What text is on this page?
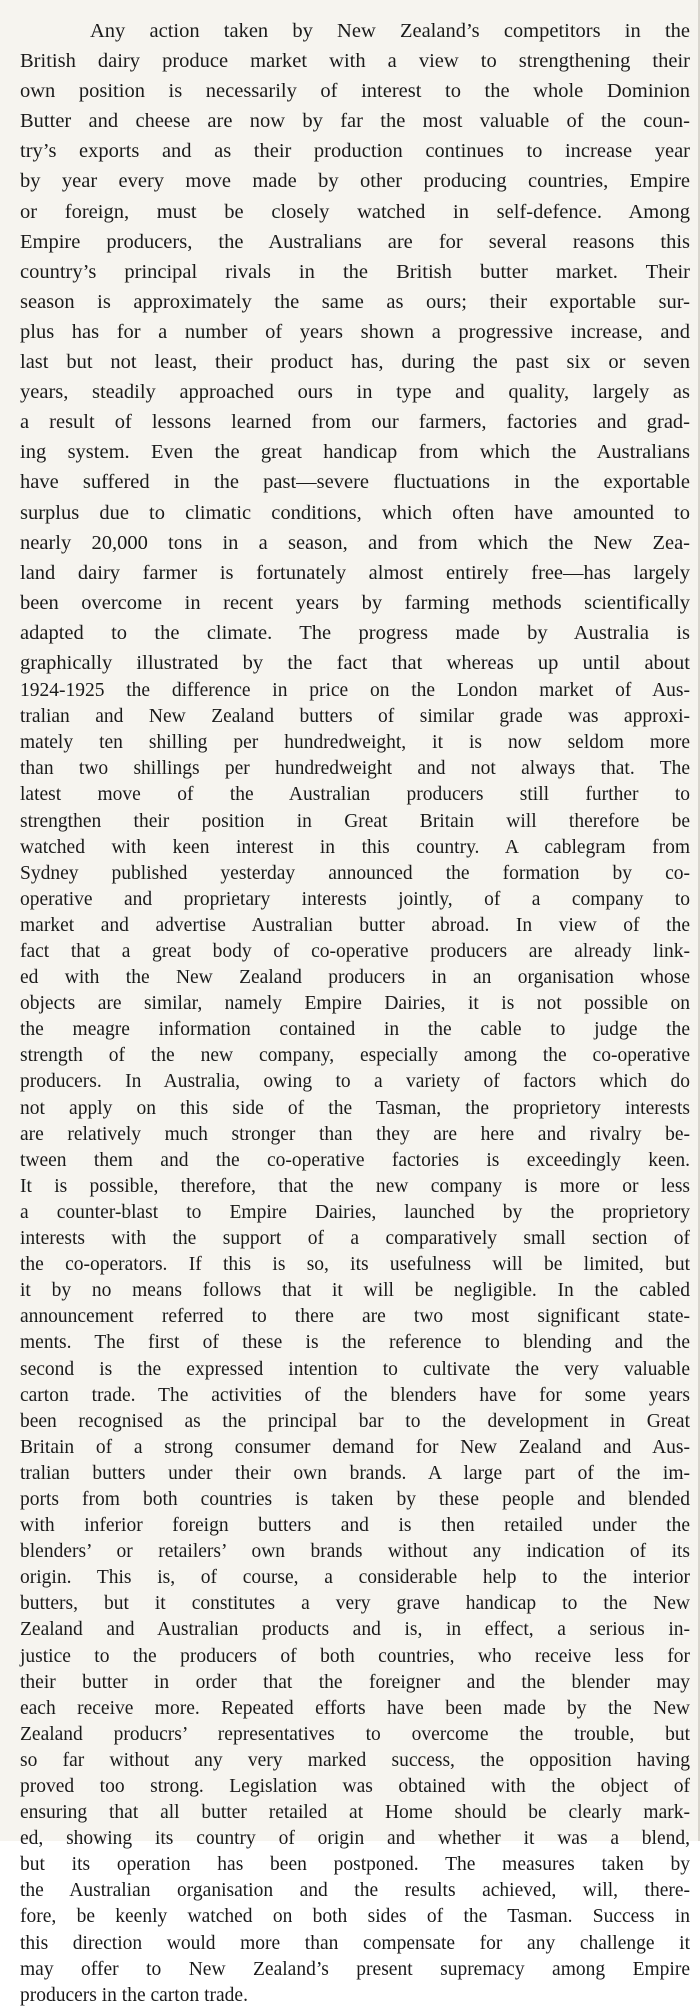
Any action taken by New Zealand’s competitors in the
British dairy produce market with a view to strengthening their
own position is necessarily of interest to the whole Dominion
Butter and cheese are now by far the most valuable of the coun-
try’s exports and as their production continues to increase year
by year every move made by other producing countries, Empire
or foreign, must be closely watched in self-defence. Among
Empire producers, the Australians are for several reasons this
country’s principal rivals in the British butter market. Their
season is approximately the same as ours; their exportable sur-
plus has for a number of years shown a progressive increase, and
last but not least, their product has, during the past six or seven
years, steadily approached ours in type and quality, largely as
a result of lessons learned from our farmers, factories and grad-
ing system. Even the great handicap from which the Australians
have suffered in the past—severe fluctuations in the exportable
surplus due to climatic conditions, which often have amounted to
nearly 20,000 tons in a season, and from which the New Zea-
land dairy farmer is fortunately almost entirely free—has largely
been overcome in recent years by farming methods scientifically
adapted to the climate. The progress made by Australia is
graphically illustrated by the fact that whereas up until about

1924-1925 the difference in price on the London market of Aus-
tralian and New Zealand butters of similar grade was approxi-
mately ten shilling per hundredweight, it is now seldom more
than two shillings per hundredweight and not always that. The
latest move of the Australian producers still further to
strengthen their position in Great Britain will therefore be
watched with keen interest in this country. A cablegram from
Sydney published yesterday announced the formation by co-
operative and proprietary interests jointly, of a company to
market and advertise Australian butter abroad. In view of the
fact that a great body of co-operative producers are already link-
ed with the New Zealand producers in an organisation whose
objects are similar, namely Empire Dairies, it is not possible on
the meagre information contained in the cable to judge the
strength of the new company, especially among the co-operative
producers. In Australia, owing to a variety of factors which do
not apply on this side of the Tasman, the proprietory interests
are relatively much stronger than they are here and rivalry be-
tween them and the co-operative factories is exceedingly keen.
It is possible, therefore, that the new company is more or less
a counter-blast to Empire Dairies, launched by the proprietory
interests with the support of a comparatively small section of
the co-operators. If this is so, its usefulness will be limited, but
it by no means follows that it will be negligible. In the cabled
announcement referred to there are two most significant state-
ments. The first of these is the reference to blending and the
second is the expressed intention to cultivate the very valuable
carton trade. The activities of the blenders have for some years
been recognised as the principal bar to the development in Great
Britain of a strong consumer demand for New Zealand and Aus-
tralian butters under their own brands. A large part of the im-
ports from both countries is taken by these people and blended
with inferior foreign butters and is then retailed under the
blenders’ or retailers’ own brands without any indication of its
origin. This is, of course, a considerable help to the interior
butters, but it constitutes a very grave handicap to the New
Zealand and Australian products and is, in effect, a serious in-
justice to the producers of both countries, who receive less for
their butter in order that the foreigner and the blender may
each receive more. Repeated efforts have been made by the New
Zealand producrs’ representatives to overcome the trouble, but
so far without any very marked success, the opposition having
proved too strong. Legislation was obtained with the object of
ensuring that all butter retailed at Home should be clearly mark-
ed, showing its country of origin and whether it was a blend,
but its operation has been postponed. The measures taken by
the Australian organisation and the results achieved, will, there-
fore, be keenly watched on both sides of the Tasman. Success in
this direction would more than compensate for any challenge it
may offer to New Zealand’s present supremacy among Empire
producers in the carton trade.
